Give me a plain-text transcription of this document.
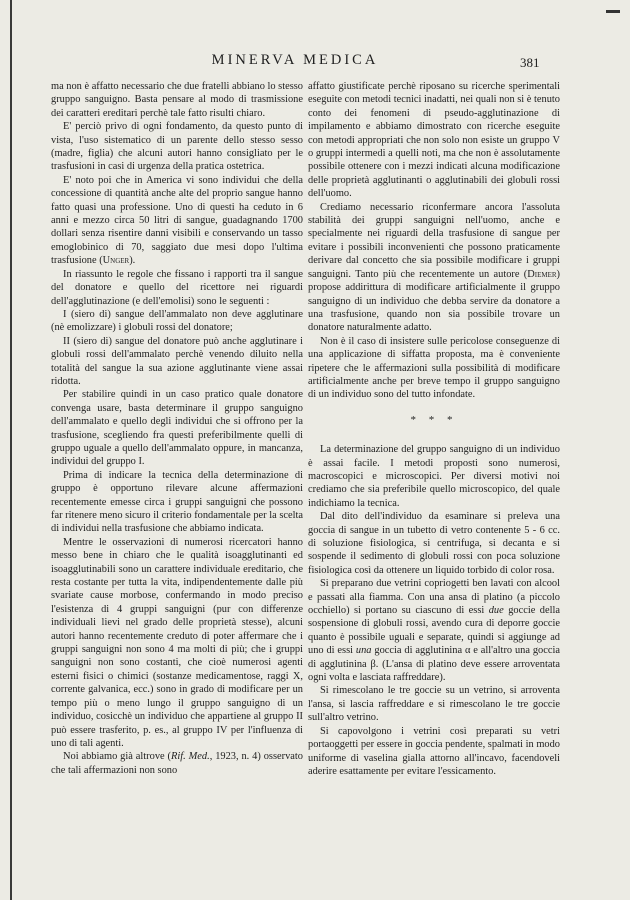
MINERVA MEDICA	381

ma non è affatto necessario che due fratelli abbiano lo stesso gruppo sanguigno. Basta pensare al modo di trasmissione dei caratteri ereditari perchè tale fatto risulti chiaro.

E' perciò privo di ogni fondamento, da questo punto di vista, l'uso sistematico di un parente dello stesso sesso (madre, figlia) che alcuni autori hanno consigliato per le trasfusioni in casi di urgenza della pratica ostetrica.

E' noto poi che in America vi sono individui che della concessione di quantità anche alte del proprio sangue hanno fatto quasi una professione. Uno di questi ha ceduto in 6 anni e mezzo circa 50 litri di sangue, guadagnando 1700 dollari senza risentire danni visibili e conservando un tasso emoglobinico di 70, saggiato due mesi dopo l'ultima trasfusione (Unger).

In riassunto le regole che fissano i rapporti tra il sangue del donatore e quello del ricettore nei riguardi dell'agglutinazione (e dell'emolisi) sono le seguenti :

I (siero di) sangue dell'ammalato non deve agglutinare (nè emolizzare) i globuli rossi del donatore;

II (siero di) sangue del donatore può anche agglutinare i globuli rossi dell'ammalato perchè venendo diluito nella totalità del sangue la sua azione agglutinante viene assai ridotta.

Per stabilire quindi in un caso pratico quale donatore convenga usare, basta determinare il gruppo sanguigno dell'ammalato e quello degli individui che si offrono per la trasfusione, scegliendo fra questi preferibilmente quelli di gruppo uguale a quello dell'ammalato oppure, in mancanza, individui del gruppo I.

Prima di indicare la tecnica della determinazione di gruppo è opportuno rilevare alcune affermazioni recentemente emesse circa i gruppi sanguigni che possono far ritenere meno sicuro il criterio fondamentale per la scelta di individui nella trasfusione che abbiamo indicata.

Mentre le osservazioni di numerosi ricercatori hanno messo bene in chiaro che le qualità isoagglutinanti ed isoagglutinabili sono un carattere individuale ereditario, che resta costante per tutta la vita, indipendentemente dalle più svariate cause morbose, confermando in modo preciso l'esistenza di 4 gruppi sanguigni (pur con differenze individuali lievi nel grado delle proprietà stesse), alcuni autori hanno recentemente creduto di poter affermare che i gruppi sanguigni non sono 4 ma molti di più; che i gruppi sanguigni non sono costanti, che cioè numerosi agenti esterni fisici o chimici (sostanze medicamentose, raggi X, corrente galvanica, ecc.) sono in grado di modificare per un tempo più o meno lungo il gruppo sanguigno di un individuo, cosicchè un individuo che appartiene al gruppo II può essere trasferito, p. es., al gruppo IV per l'influenza di uno di tali agenti.

Noi abbiamo già altrove (Rif. Med., 1923, n. 4) osservato che tali affermazioni non sono

affatto giustificate perchè riposano su ricerche sperimentali eseguite con metodi tecnici inadatti, nei quali non si è tenuto conto dei fenomeni di pseudo-agglutinazione di impilamento e abbiamo dimostrato con ricerche eseguite con metodi appropriati che non solo non esiste un gruppo V o gruppi intermedi a quelli noti, ma che non è assolutamente possibile ottenere con i mezzi indicati alcuna modificazione delle proprietà agglutinanti o agglutinabili dei globuli rossi dell'uomo.

Crediamo necessario riconfermare ancora l'assoluta stabilità dei gruppi sanguigni nell'uomo, anche e specialmente nei riguardi della trasfusione di sangue per evitare i possibili inconvenienti che possono praticamente derivare dal concetto che sia possibile modificare i gruppi sanguigni. Tanto più che recentemente un autore (Diemer) propose addirittura di modificare artificialmente il gruppo sanguigno di un individuo che debba servire da donatore a una trasfusione, quando non sia possibile trovare un donatore naturalmente adatto.

Non è il caso di insistere sulle pericolose conseguenze di una applicazione di siffatta proposta, ma è conveniente ripetere che le affermazioni sulla possibilità di modificare artificialmente anche per breve tempo il gruppo sanguigno di un individuo sono del tutto infondate.

* * *

La determinazione del gruppo sanguigno di un individuo è assai facile. I metodi proposti sono numerosi, macroscopici e microscopici. Per diversi motivi noi crediamo che sia preferibile quello microscopico, del quale indichiamo la tecnica.

Dal dito dell'individuo da esaminare si preleva una goccia di sangue in un tubetto di vetro contenente 5 - 6 cc. di soluzione fisiologica, si centrifuga, si decanta e si sospende il sedimento di globuli rossi con poca soluzione fisiologica così da ottenere un liquido torbido di color rosa.

Si preparano due vetrini copriogetti ben lavati con alcool e passati alla fiamma. Con una ansa di platino (a piccolo occhiello) si portano su ciascuno di essi due goccie della sospensione di globuli rossi, avendo cura di deporre goccie quanto è possibile uguali e separate, quindi si aggiunge ad uno di essi una goccia di agglutinina α e all'altro una goccia di agglutinina β. (L'ansa di platino deve essere arroventata ogni volta e lasciata raffreddare).

Si rimescolano le tre goccie su un vetrino, si arroventa l'ansa, si lascia raffreddare e si rimescolano le tre goccie sull'altro vetrino.

Si capovolgono i vetrini così preparati su vetri portaoggetti per essere in goccia pendente, spalmati in modo uniforme di vaselina gialla attorno all'incavo, facendoveli aderire esattamente per evitare l'essicamento.
